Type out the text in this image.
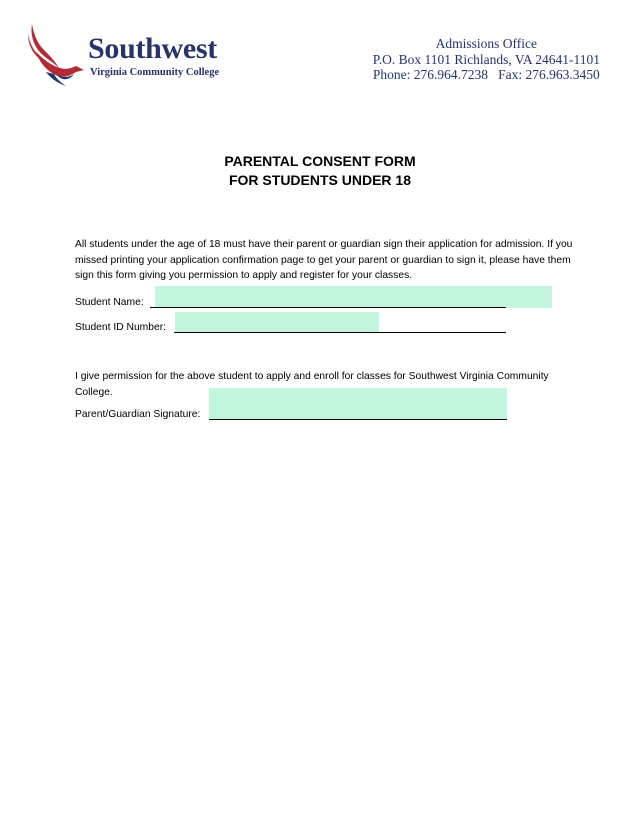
Southwest
Virginia Community College
Admissions Office
P.O. Box 1101 Richlands, VA 24641-1101
Phone: 276.964.7238   Fax: 276.963.3450
PARENTAL CONSENT FORM
FOR STUDENTS UNDER 18
All students under the age of 18 must have their parent or guardian sign their application for admission. If you missed printing your application confirmation page to get your parent or guardian to sign it, please have them sign this form giving you permission to apply and register for your classes.
Student Name:
Student ID Number:
I give permission for the above student to apply and enroll for classes for Southwest Virginia Community College.
Parent/Guardian Signature:
